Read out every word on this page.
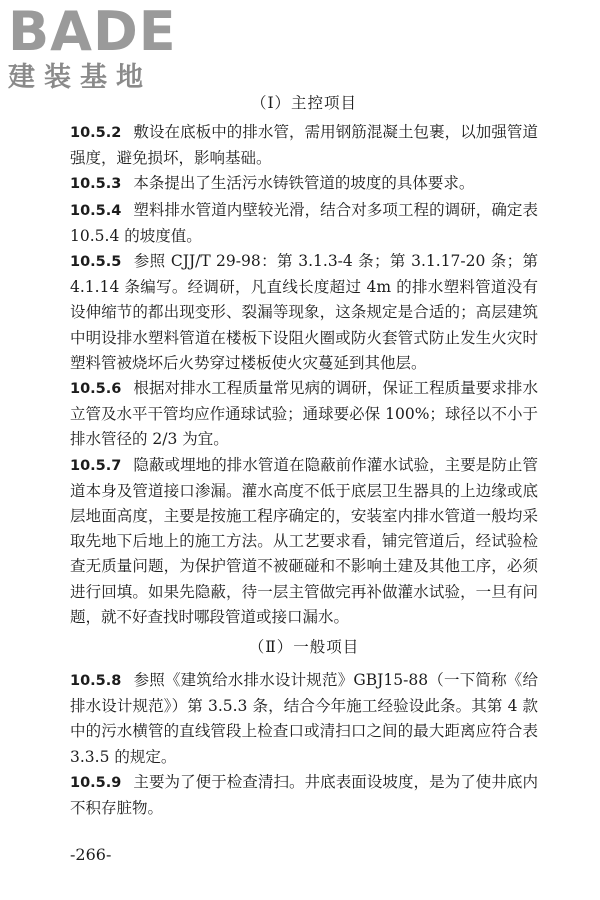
BADE
建装基地
（Ⅰ）主控项目

10.5.2 敷设在底板中的排水管，需用钢筋混凝土包裹，以加强管道强度，避免损坏，影响基础。

10.5.3 本条提出了生活污水铸铁管道的坡度的具体要求。

10.5.4 塑料排水管道内壁较光滑，结合对多项工程的调研，确定表 10.5.4 的坡度值。

10.5.5 参照 CJJ/T 29-98：第 3.1.3-4 条；第 3.1.17-20 条；第 4.1.14 条编写。经调研，凡直线长度超过 4m 的排水塑料管道没有设伸缩节的都出现变形、裂漏等现象，这条规定是合适的；高层建筑中明设排水塑料管道在楼板下设阻火圈或防火套管式防止发生火灾时塑料管被烧坏后火势穿过楼板使火灾蔓延到其他层。

10.5.6 根据对排水工程质量常见病的调研，保证工程质量要求排水立管及水平干管均应作通球试验；通球要必保 100%；球径以不小于排水管径的 2/3 为宜。

10.5.7 隐蔽或埋地的排水管道在隐蔽前作灌水试验，主要是防止管道本身及管道接口渗漏。灌水高度不低于底层卫生器具的上边缘或底层地面高度，主要是按施工程序确定的，安装室内排水管道一般均采取先地下后地上的施工方法。从工艺要求看，铺完管道后，经试验检查无质量问题，为保护管道不被砸碰和不影响土建及其他工序，必须进行回填。如果先隐蔽，待一层主管做完再补做灌水试验，一旦有问题，就不好查找时哪段管道或接口漏水。

（Ⅱ）一般项目

10.5.8 参照《建筑给水排水设计规范》GBJ15-88（一下简称《给排水设计规范》）第 3.5.3 条，结合今年施工经验设此条。其第 4 款中的污水横管的直线管段上检查口或清扫口之间的最大距离应符合表 3.3.5 的规定。

10.5.9 主要为了便于检查清扫。井底表面设坡度，是为了使井底内不积存脏物。

-266-
